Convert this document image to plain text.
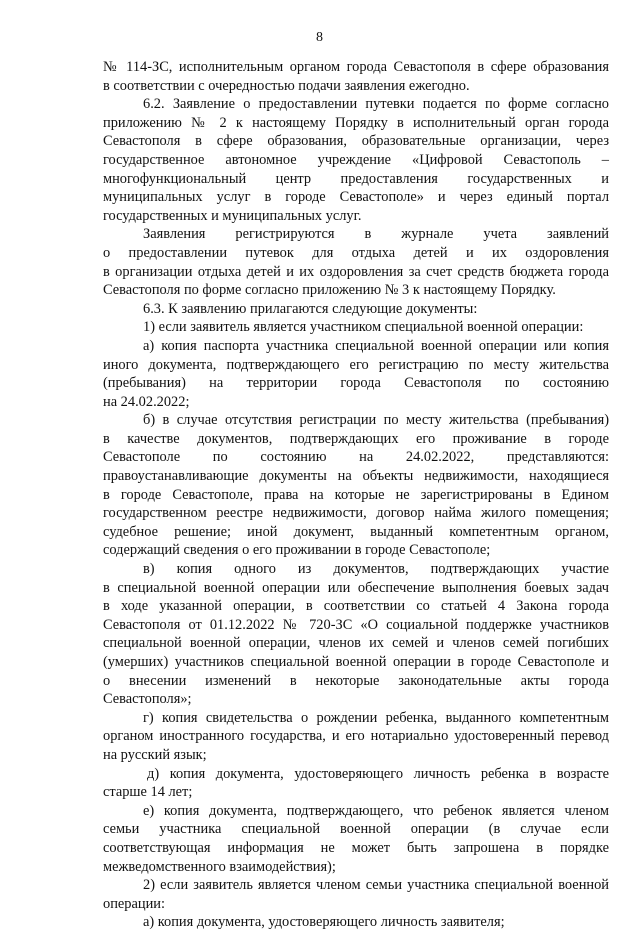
8

№ 114-ЗС, исполнительным органом города Севастополя в сфере образования

в соответствии с очередностью подачи заявления ежегодно.

6.2. Заявление о предоставлении путевки подается по форме согласно

приложению № 2 к настоящему Порядку в исполнительный орган города

Севастополя в сфере образования, образовательные организации, через

государственное автономное учреждение «Цифровой Севастополь –

многофункциональный центр предоставления государственных и

муниципальных услуг в городе Севастополе» и через единый портал

государственных и муниципальных услуг.

Заявления регистрируются в журнале учета заявлений

о предоставлении путевок для отдыха детей и их оздоровления

в организации отдыха детей и их оздоровления за счет средств бюджета города

Севастополя по форме согласно приложению № 3 к настоящему Порядку.

6.3. К заявлению прилагаются следующие документы:

1) если заявитель является участником специальной военной операции:

а) копия паспорта участника специальной военной операции или копия

иного документа, подтверждающего его регистрацию по месту жительства

(пребывания) на территории города Севастополя по состоянию

на 24.02.2022;

б) в случае отсутствия регистрации по месту жительства (пребывания)

в качестве документов, подтверждающих его проживание в городе

Севастополе по состоянию на 24.02.2022, представляются:

правоустанавливающие документы на объекты недвижимости, находящиеся

в городе Севастополе, права на которые не зарегистрированы в Едином

государственном реестре недвижимости, договор найма жилого помещения;

судебное решение; иной документ, выданный компетентным органом,

содержащий сведения о его проживании в городе Севастополе;

в) копия одного из документов, подтверждающих участие

в специальной военной операции или обеспечение выполнения боевых задач

в ходе указанной операции, в соответствии со статьей 4 Закона города

Севастополя от 01.12.2022 № 720-ЗС «О социальной поддержке участников

специальной военной операции, членов их семей и членов семей погибших

(умерших) участников специальной военной операции в городе Севастополе и

о внесении изменений в некоторые законодательные акты города

Севастополя»;

г) копия свидетельства о рождении ребенка, выданного компетентным

органом иностранного государства, и его нотариально удостоверенный перевод

на русский язык;

д) копия документа, удостоверяющего личность ребенка в возрасте

старше 14 лет;

е) копия документа, подтверждающего, что ребенок является членом

семьи участника специальной военной операции (в случае если

соответствующая информация не может быть запрошена в порядке

межведомственного взаимодействия);

2) если заявитель является членом семьи участника специальной военной

операции:

а) копия документа, удостоверяющего личность заявителя;
